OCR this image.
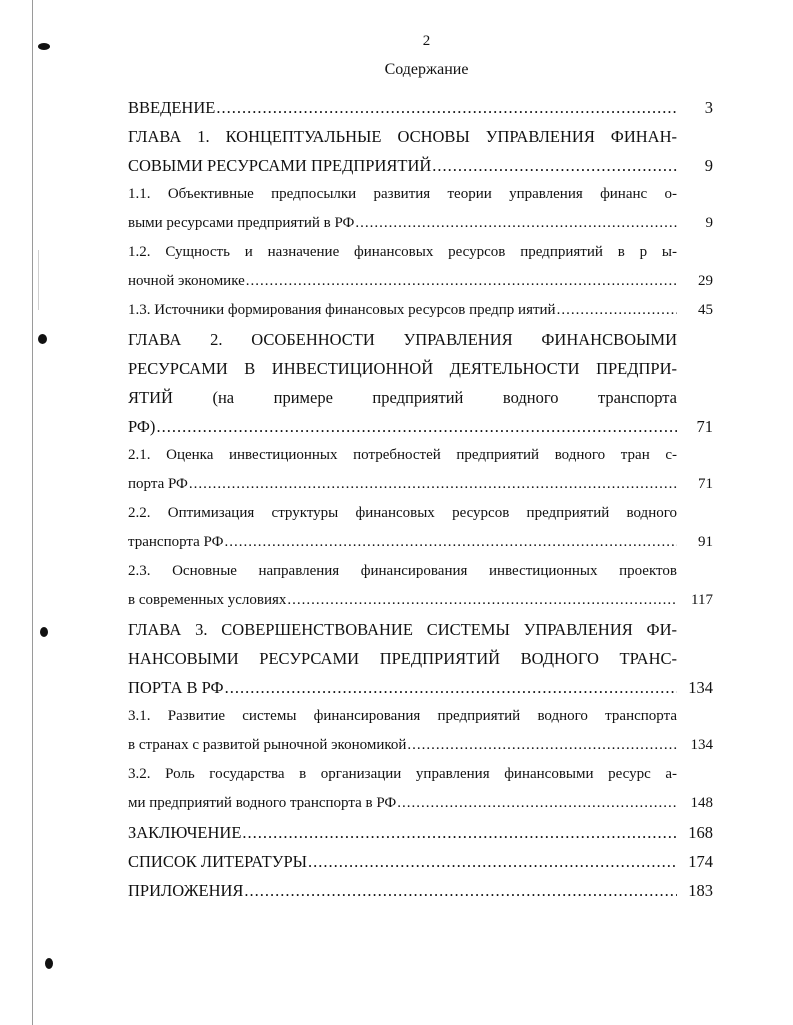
2
Содержание
ВВЕДЕНИЕ .....	3
ГЛАВА 1. КОНЦЕПТУАЛЬНЫЕ ОСНОВЫ УПРАВЛЕНИЯ ФИНАН-
СОВЫМИ РЕСУРСАМИ ПРЕДПРИЯТИЙ .....	9
1.1. Объективные предпосылки развития теории управления финанс о-
выми ресурсами предприятий в РФ .....	9
1.2. Сущность и назначение финансовых ресурсов предприятий в р ы-
ночной экономике .....	29
1.3. Источники формирования финансовых ресурсов предпр иятий .....	45
ГЛАВА 2. ОСОБЕННОСТИ УПРАВЛЕНИЯ ФИНАНСВОЫМИ
РЕСУРСАМИ В ИНВЕСТИЦИОННОЙ ДЕЯТЕЛЬНОСТИ ПРЕДПРИ-
ЯТИЙ (на примере предприятий водного транспорта
РФ) .....	71
2.1. Оценка инвестиционных потребностей предприятий водного тран с-
порта РФ .....	71
2.2. Оптимизация структуры финансовых ресурсов предприятий водного
транспорта РФ .....	91
2.3. Основные направления финансирования инвестиционных проектов
в современных условиях .....	117
ГЛАВА 3. СОВЕРШЕНСТВОВАНИЕ СИСТЕМЫ УПРАВЛЕНИЯ ФИ-
НАНСОВЫМИ РЕСУРСАМИ ПРЕДПРИЯТИЙ ВОДНОГО ТРАНС-
ПОРТА В РФ .....	134
3.1. Развитие системы финансирования предприятий водного транспорта
в странах с развитой рыночной экономикой .....	134
3.2. Роль государства в организации управления финансовыми ресурс а-
ми предприятий водного транспорта в РФ .....	148
ЗАКЛЮЧЕНИЕ .....	168
СПИСОК ЛИТЕРАТУРЫ .....	174
ПРИЛОЖЕНИЯ .....	183
